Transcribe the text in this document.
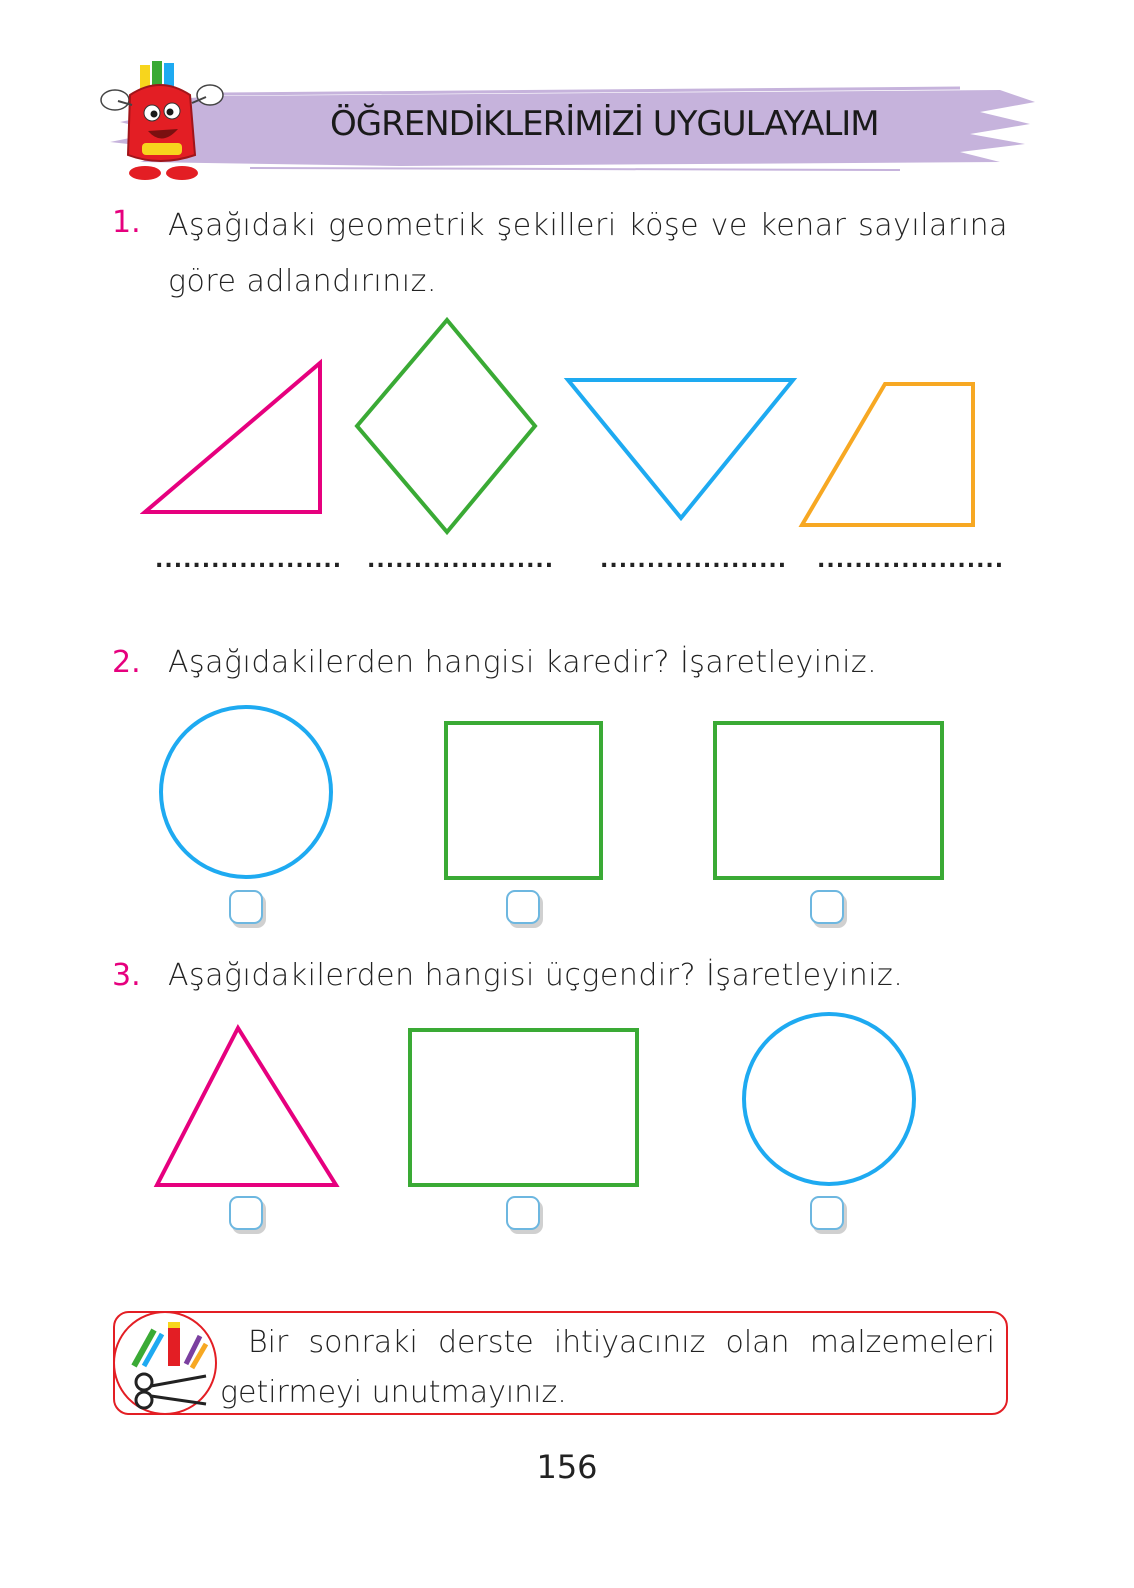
ÖĞRENDİKLERİMİZİ UYGULAYALIM
1. Aşağıdaki geometrik şekilleri köşe ve kenar sayılarına göre adlandırınız.
.................... .................... .................... ....................
2. Aşağıdakilerden hangisi karedir? İşaretleyiniz.
3. Aşağıdakilerden hangisi üçgendir? İşaretleyiniz.
Bir sonraki derste ihtiyacınız olan malzemeleri getirmeyi unutmayınız.
156
